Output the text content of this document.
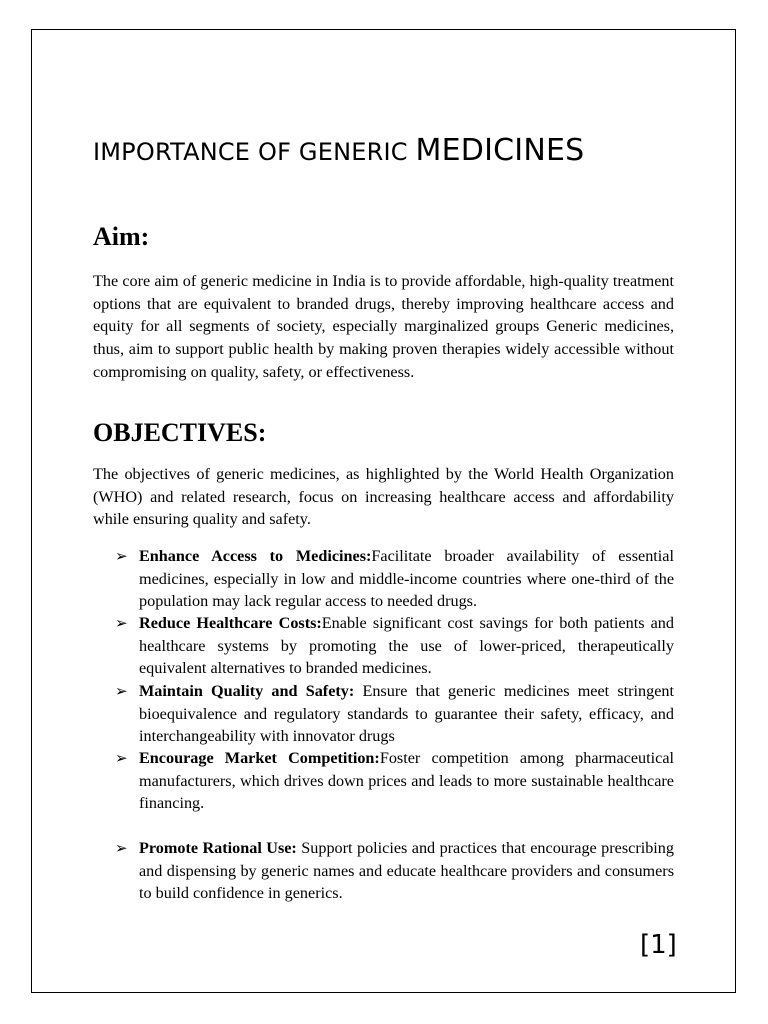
IMPORTANCE OF GENERIC MEDICINES
Aim:

The core aim of generic medicine in India is to provide affordable, high-quality treatment options that are equivalent to branded drugs, thereby improving healthcare access and equity for all segments of society, especially marginalized groups Generic medicines, thus, aim to support public health by making proven therapies widely accessible without compromising on quality, safety, or effectiveness.

OBJECTIVES:

The objectives of generic medicines, as highlighted by the World Health Organization (WHO) and related research, focus on increasing healthcare access and affordability while ensuring quality and safety.

➢ Enhance Access to Medicines:Facilitate broader availability of essential medicines, especially in low and middle-income countries where one-third of the population may lack regular access to needed drugs.

➢ Reduce Healthcare Costs:Enable significant cost savings for both patients and healthcare systems by promoting the use of lower-priced, therapeutically equivalent alternatives to branded medicines.

➢ Maintain Quality and Safety: Ensure that generic medicines meet stringent bioequivalence and regulatory standards to guarantee their safety, efficacy, and interchangeability with innovator drugs

➢ Encourage Market Competition:Foster competition among pharmaceutical manufacturers, which drives down prices and leads to more sustainable healthcare financing.

➢ Promote Rational Use: Support policies and practices that encourage prescribing and dispensing by generic names and educate healthcare providers and consumers to build confidence in generics.

[1]
